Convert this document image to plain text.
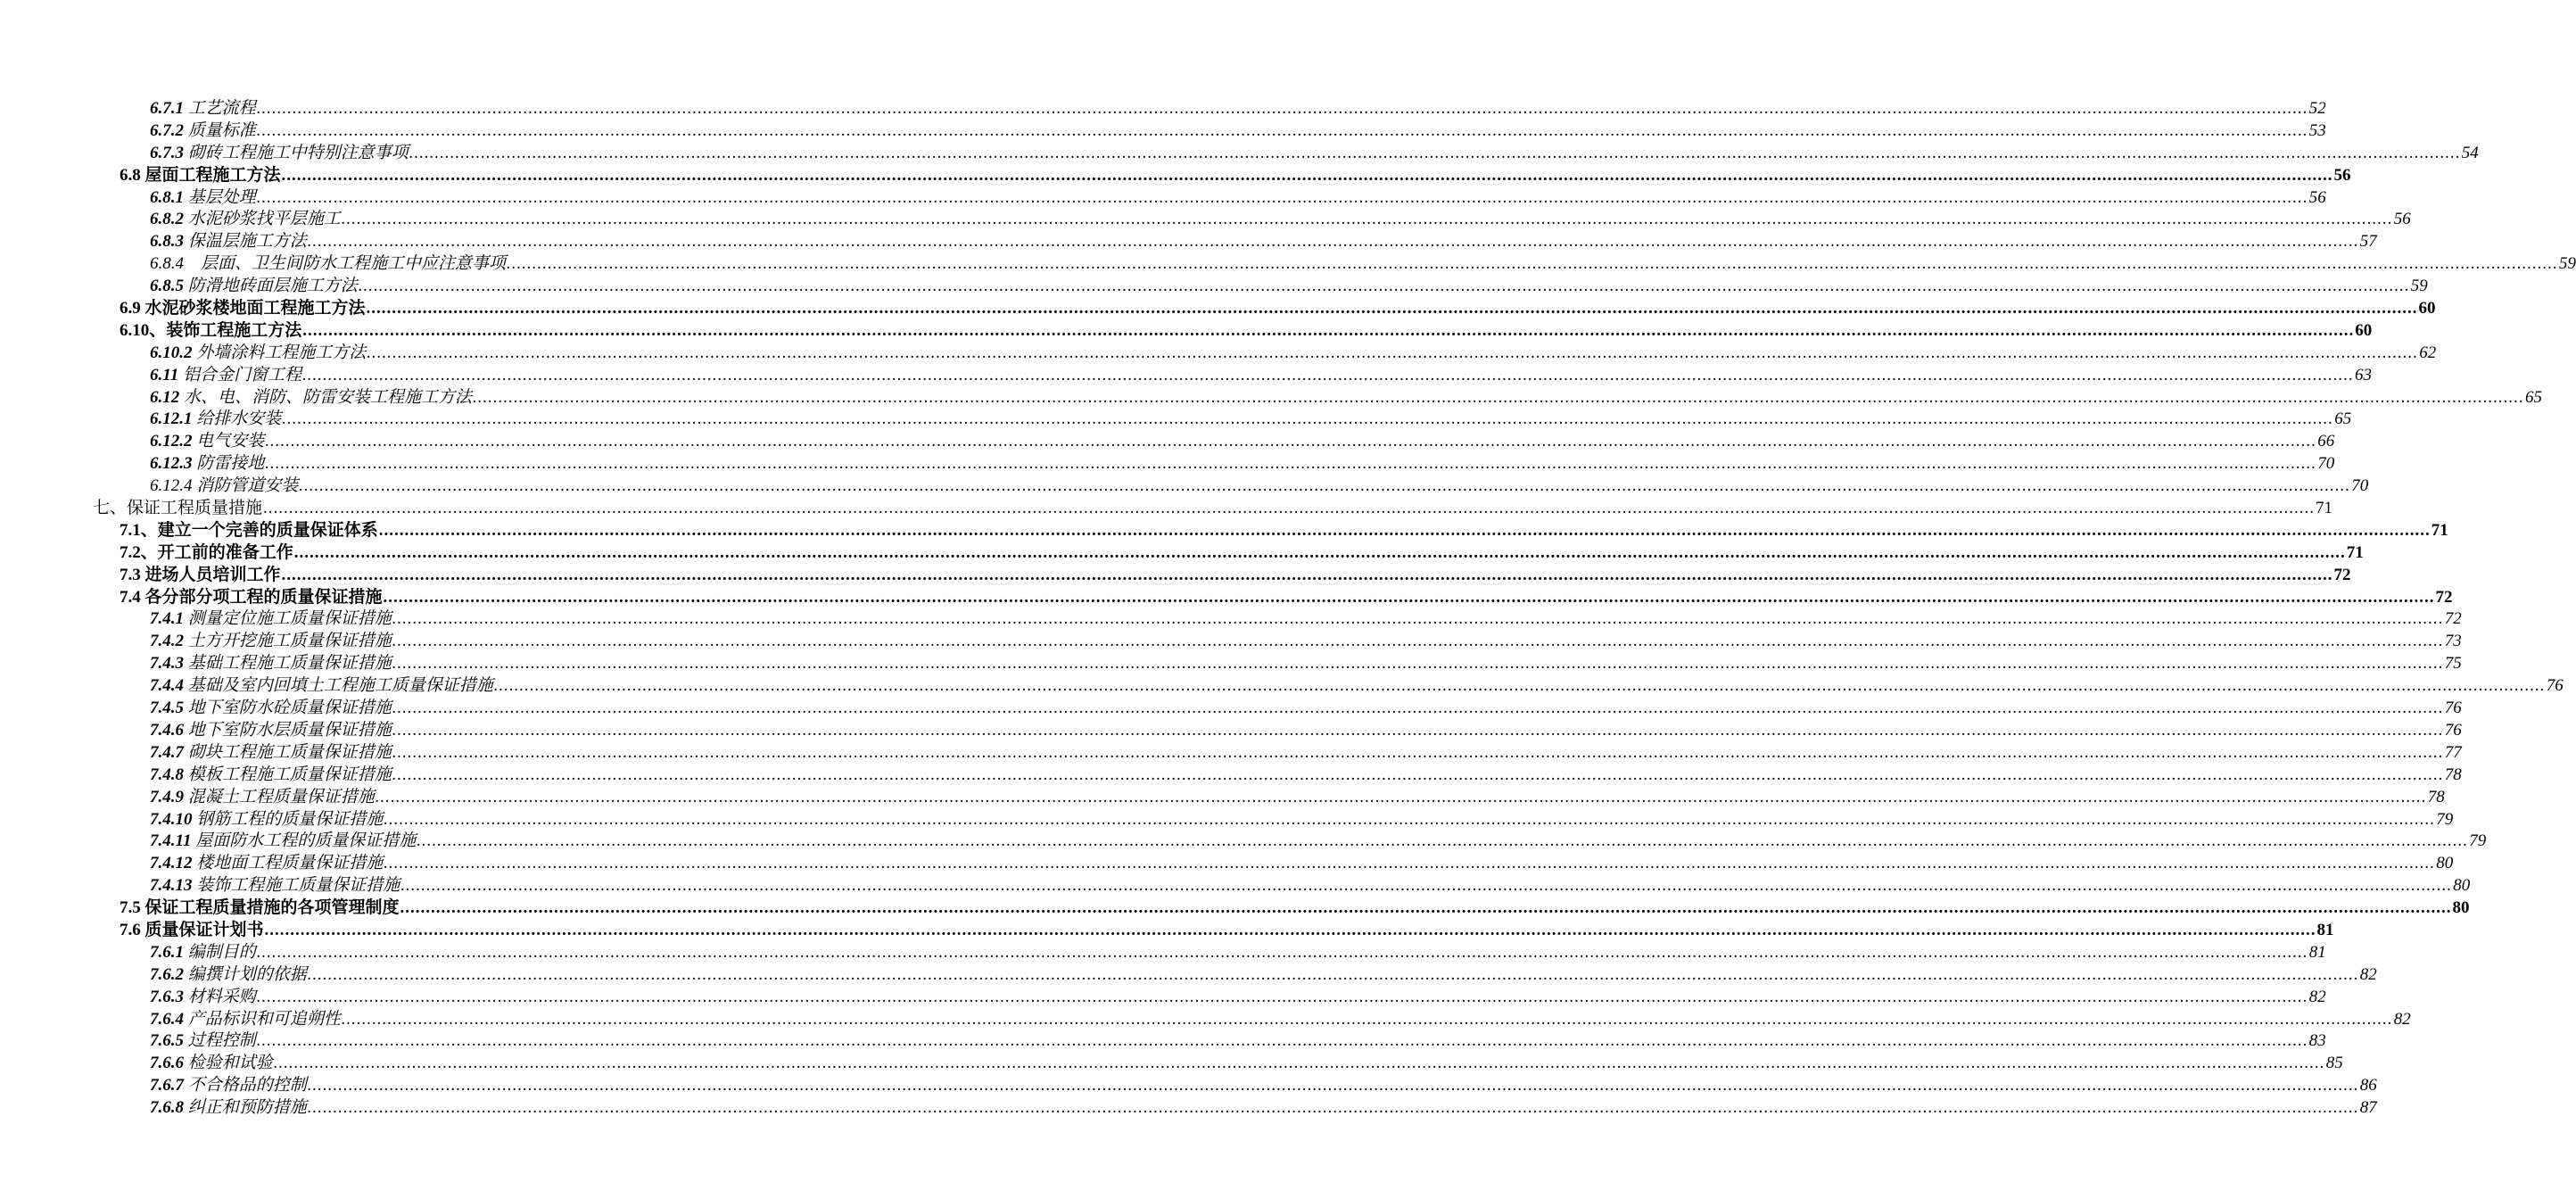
6.7.1 工艺流程 ................................................................................................................................................................................................................................................................................................................................................................................................................ 52
6.7.2 质量标准 ................................................................................................................................................................................................................................................................................................................................................................................................................ 53
6.7.3 砌砖工程施工中特别注意事项 ................................................................................................................................................................................................................................................................................................................................................................................................................ 54
6.8 屋面工程施工方法 ................................................................................................................................................................................................................................................................................................................................................................................................................ 56
6.8.1 基层处理 ................................................................................................................................................................................................................................................................................................................................................................................................................ 56
6.8.2 水泥砂浆找平层施工 ................................................................................................................................................................................................................................................................................................................................................................................................................ 56
6.8.3 保温层施工方法 ................................................................................................................................................................................................................................................................................................................................................................................................................ 57
6.8.4　层面、卫生间防水工程施工中应注意事项 ................................................................................................................................................................................................................................................................................................................................................................................................................ 59
6.8.5 防滑地砖面层施工方法 ................................................................................................................................................................................................................................................................................................................................................................................................................ 59
6.9 水泥砂浆楼地面工程施工方法 ................................................................................................................................................................................................................................................................................................................................................................................................................ 60
6.10、装饰工程施工方法 ................................................................................................................................................................................................................................................................................................................................................................................................................ 60
6.10.2 外墙涂料工程施工方法 ................................................................................................................................................................................................................................................................................................................................................................................................................ 62
6.11 铝合金门窗工程 ................................................................................................................................................................................................................................................................................................................................................................................................................ 63
6.12 水、电、消防、防雷安装工程施工方法 ................................................................................................................................................................................................................................................................................................................................................................................................................ 65
6.12.1 给排水安装 ................................................................................................................................................................................................................................................................................................................................................................................................................ 65
6.12.2 电气安装 ................................................................................................................................................................................................................................................................................................................................................................................................................ 66
6.12.3 防雷接地 ................................................................................................................................................................................................................................................................................................................................................................................................................ 70
6.12.4 消防管道安装 ................................................................................................................................................................................................................................................................................................................................................................................................................ 70
七、保证工程质量措施 ................................................................................................................................................................................................................................................................................................................................................................................................................ 71
7.1、建立一个完善的质量保证体系 ................................................................................................................................................................................................................................................................................................................................................................................................................ 71
7.2、开工前的准备工作 ................................................................................................................................................................................................................................................................................................................................................................................................................ 71
7.3 进场人员培训工作 ................................................................................................................................................................................................................................................................................................................................................................................................................ 72
7.4 各分部分项工程的质量保证措施 ................................................................................................................................................................................................................................................................................................................................................................................................................ 72
7.4.1 测量定位施工质量保证措施 ................................................................................................................................................................................................................................................................................................................................................................................................................ 72
7.4.2 土方开挖施工质量保证措施 ................................................................................................................................................................................................................................................................................................................................................................................................................ 73
7.4.3 基础工程施工质量保证措施 ................................................................................................................................................................................................................................................................................................................................................................................................................ 75
7.4.4 基础及室内回填土工程施工质量保证措施 ................................................................................................................................................................................................................................................................................................................................................................................................................ 76
7.4.5 地下室防水砼质量保证措施 ................................................................................................................................................................................................................................................................................................................................................................................................................ 76
7.4.6 地下室防水层质量保证措施 ................................................................................................................................................................................................................................................................................................................................................................................................................ 76
7.4.7 砌块工程施工质量保证措施 ................................................................................................................................................................................................................................................................................................................................................................................................................ 77
7.4.8 模板工程施工质量保证措施 ................................................................................................................................................................................................................................................................................................................................................................................................................ 78
7.4.9 混凝土工程质量保证措施 ................................................................................................................................................................................................................................................................................................................................................................................................................ 78
7.4.10 钢筋工程的质量保证措施 ................................................................................................................................................................................................................................................................................................................................................................................................................ 79
7.4.11 屋面防水工程的质量保证措施 ................................................................................................................................................................................................................................................................................................................................................................................................................ 79
7.4.12 楼地面工程质量保证措施 ................................................................................................................................................................................................................................................................................................................................................................................................................ 80
7.4.13 装饰工程施工质量保证措施 ................................................................................................................................................................................................................................................................................................................................................................................................................ 80
7.5 保证工程质量措施的各项管理制度 ................................................................................................................................................................................................................................................................................................................................................................................................................ 80
7.6 质量保证计划书 ................................................................................................................................................................................................................................................................................................................................................................................................................ 81
7.6.1 编制目的 ................................................................................................................................................................................................................................................................................................................................................................................................................ 81
7.6.2 编撰计划的依据 ................................................................................................................................................................................................................................................................................................................................................................................................................ 82
7.6.3 材料采购 ................................................................................................................................................................................................................................................................................................................................................................................................................ 82
7.6.4 产品标识和可追朔性 ................................................................................................................................................................................................................................................................................................................................................................................................................ 82
7.6.5 过程控制 ................................................................................................................................................................................................................................................................................................................................................................................................................ 83
7.6.6 检验和试验 ................................................................................................................................................................................................................................................................................................................................................................................................................ 85
7.6.7 不合格品的控制 ................................................................................................................................................................................................................................................................................................................................................................................................................ 86
7.6.8 纠正和预防措施 ................................................................................................................................................................................................................................................................................................................................................................................................................ 87
